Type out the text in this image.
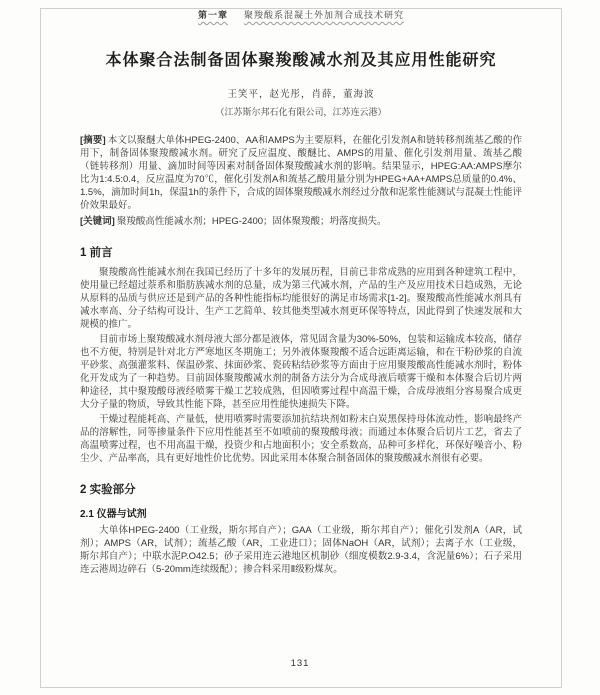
第一章 聚羧酸系混凝土外加剂合成技术研究
本体聚合法制备固体聚羧酸减水剂及其应用性能研究
王笑平，赵光彤，肖薛，董海波
（江苏斯尔邦石化有限公司，江苏连云港）

[摘要] 本文以聚醚大单体HPEG-2400、AA和AMPS为主要原料，在催化引发剂A和链转移剂巯基乙酸的作用下，制备固体聚羧酸减水剂。研究了反应温度、酸醚比、AMPS的用量、催化引发剂用量、巯基乙酸（链转移剂）用量、滴加时间等因素对制备固体聚羧酸减水剂的影响。结果显示，HPEG:AA:AMPS摩尔比为1:4.5:0.4，反应温度为70℃，催化引发剂A和巯基乙酸用量分别为HPEG+AA+AMPS总质量的0.4%、1.5%，滴加时间1h，保温1h的条件下，合成的固体聚羧酸减水剂经过分散和泥浆性能测试与混凝土性能评价效果最好。

[关键词] 聚羧酸高性能减水剂；HPEG-2400；固体聚羧酸；坍落度损失。

1 前言

聚羧酸高性能减水剂在我国已经历了十多年的发展历程，目前已非常成熟的应用到各种建筑工程中，使用量已经超过萘系和脂肪族减水剂的总量，成为第三代减水剂，产品的生产及应用技术日趋成熟，无论从原料的品质与供应还是到产品的各种性能指标均能很好的满足市场需求[1-2]。聚羧酸高性能减水剂具有减水率高、分子结构可设计、生产工艺简单、较其他类型减水剂更环保等特点，因此得到了快速发展和大规模的推广。

目前市场上聚羧酸减水剂母液大部分都是液体，常见固含量为30%-50%，包装和运输成本较高，储存也不方便，特别是针对北方严寒地区冬期施工；另外液体聚羧酸不适合远距离运输，和在干粉砂浆的自流平砂浆、高强灌浆料、保温砂浆、抹面砂浆、瓷砖粘结砂浆等方面由于应用聚羧酸高性能减水剂时，粉体化开发成为了一种趋势。目前固体聚羧酸减水剂的制备方法分为合成母液后喷雾干燥和本体聚合后切片两种途径，其中聚羧酸母液经喷雾干燥工艺较成熟，但因喷雾过程中高温干燥，合成母液组分容易聚合成更大分子量的物质，导致其性能下降，甚至应用性能快速损失下降。

干燥过程能耗高、产量低，使用喷雾时需要添加抗结块剂如粉末白炭黑保持母体流动性，影响最终产品的溶解性，同等掺量条件下应用性能甚至不如喷前的聚羧酸母液；而通过本体聚合后切片工艺，省去了高温喷雾过程，也不用高温干燥，投资少和占地面积小；安全系数高，品种可多样化，环保好噪音小、粉尘少、产品率高，具有更好地性价比优势。因此采用本体聚合制备固体的聚羧酸减水剂很有必要。

2 实验部分
2.1 仪器与试剂

大单体HPEG-2400（工业级，斯尔邦自产）；GAA（工业级，斯尔邦自产）；催化引发剂A（AR，试剂）；AMPS（AR，试剂）；巯基乙酸（AR，工业进口）；固体NaOH（AR，试剂）；去离子水（工业级，斯尔邦自产）；中联水泥P.O42.5；砂子采用连云港地区机制砂（细度模数2.9-3.4，含泥量6%）；石子采用连云港周边碎石（5-20mm连续级配）；掺合料采用Ⅱ级粉煤灰。

131
